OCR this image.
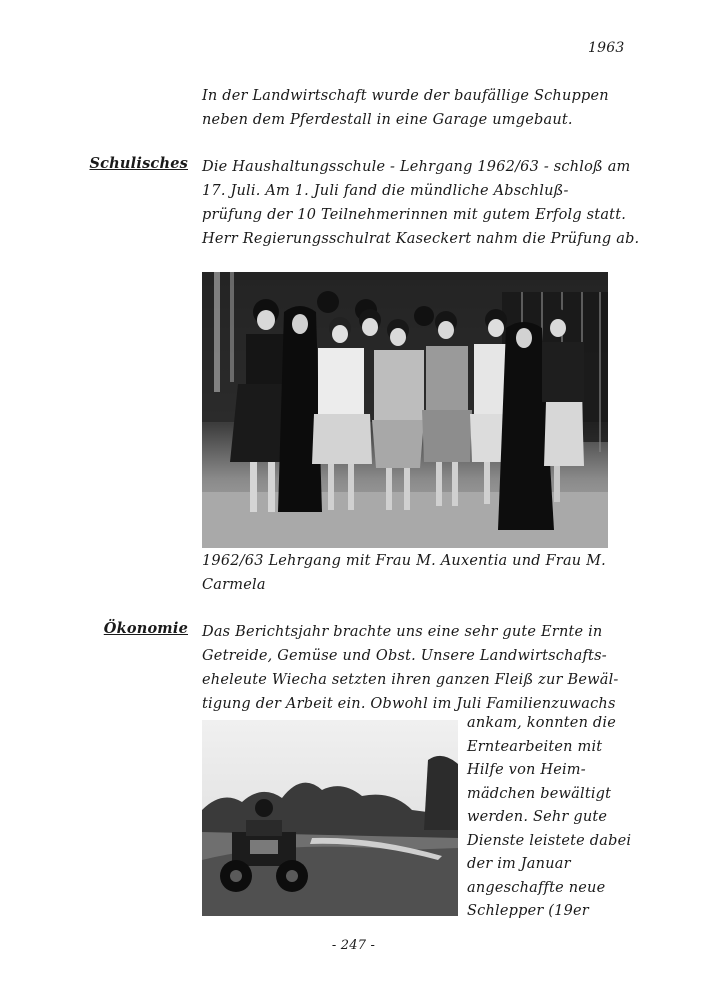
1963
In der Landwirtschaft wurde der baufällige Schuppen
neben dem Pferdestall in eine Garage umgebaut.
Schulisches Die Haushaltungsschule - Lehrgang 1962/63 - schloß am
17. Juli. Am 1. Juli fand die mündliche Abschluß-
prüfung der 10 Teilnehmerinnen mit gutem Erfolg statt.
Herr Regierungsschulrat Kaseckert nahm die Prüfung ab.
1962/63 Lehrgang mit Frau M. Auxentia und Frau M.
Carmela
Ökonomie Das Berichtsjahr brachte uns eine sehr gute Ernte in
Getreide, Gemüse und Obst. Unsere Landwirtschafts-
eheleute Wiecha setzten ihren ganzen Fleiß zur Bewäl-
tigung der Arbeit ein. Obwohl im Juli Familienzuwachs
ankam, konnten die
Erntearbeiten mit
Hilfe von Heim-
mädchen bewältigt
werden. Sehr gute
Dienste leistete dabei
der im Januar
angeschaffte neue
Schlepper (19er
- 247 -
